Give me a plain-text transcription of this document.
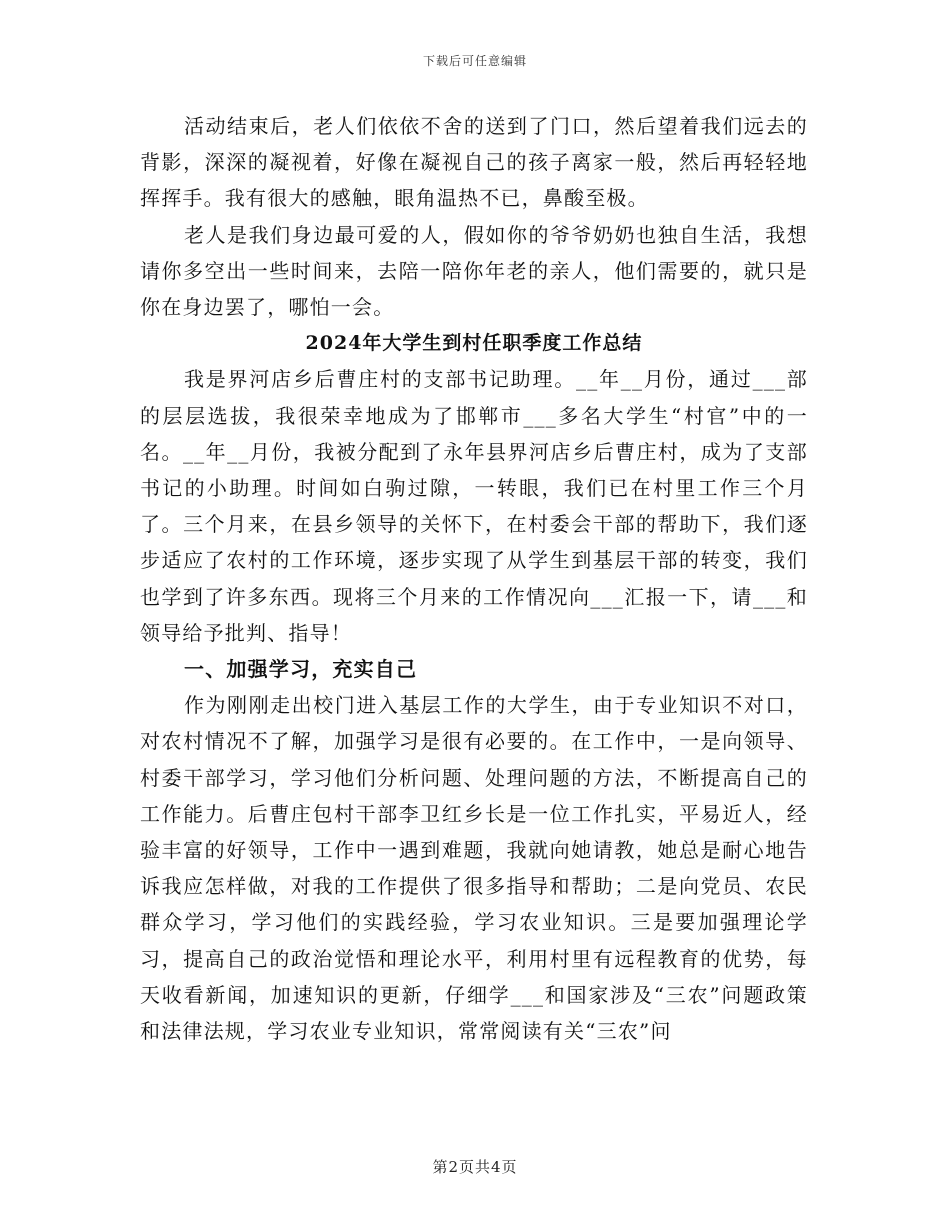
下载后可任意编辑

活动结束后，老人们依依不舍的送到了门口，然后望着我们远去的背影，深深的凝视着，好像在凝视自己的孩子离家一般，然后再轻轻地挥挥手。我有很大的感触，眼角温热不已，鼻酸至极。

老人是我们身边最可爱的人，假如你的爷爷奶奶也独自生活，我想请你多空出一些时间来，去陪一陪你年老的亲人，他们需要的，就只是你在身边罢了，哪怕一会。

2024年大学生到村任职季度工作总结

我是界河店乡后曹庄村的支部书记助理。__年__月份，通过___部的层层选拔，我很荣幸地成为了邯郸市___多名大学生“村官”中的一名。__年__月份，我被分配到了永年县界河店乡后曹庄村，成为了支部书记的小助理。时间如白驹过隙，一转眼，我们已在村里工作三个月了。三个月来，在县乡领导的关怀下，在村委会干部的帮助下，我们逐步适应了农村的工作环境，逐步实现了从学生到基层干部的转变，我们也学到了许多东西。现将三个月来的工作情况向___汇报一下，请___和领导给予批判、指导！

一、加强学习，充实自己

作为刚刚走出校门进入基层工作的大学生，由于专业知识不对口，对农村情况不了解，加强学习是很有必要的。在工作中，一是向领导、村委干部学习，学习他们分析问题、处理问题的方法，不断提高自己的工作能力。后曹庄包村干部李卫红乡长是一位工作扎实，平易近人，经验丰富的好领导，工作中一遇到难题，我就向她请教，她总是耐心地告诉我应怎样做，对我的工作提供了很多指导和帮助；二是向党员、农民群众学习，学习他们的实践经验，学习农业知识。三是要加强理论学习，提高自己的政治觉悟和理论水平，利用村里有远程教育的优势，每天收看新闻，加速知识的更新，仔细学___和国家涉及“三农”问题政策和法律法规，学习农业专业知识，常常阅读有关“三农”问

第2页共4页
